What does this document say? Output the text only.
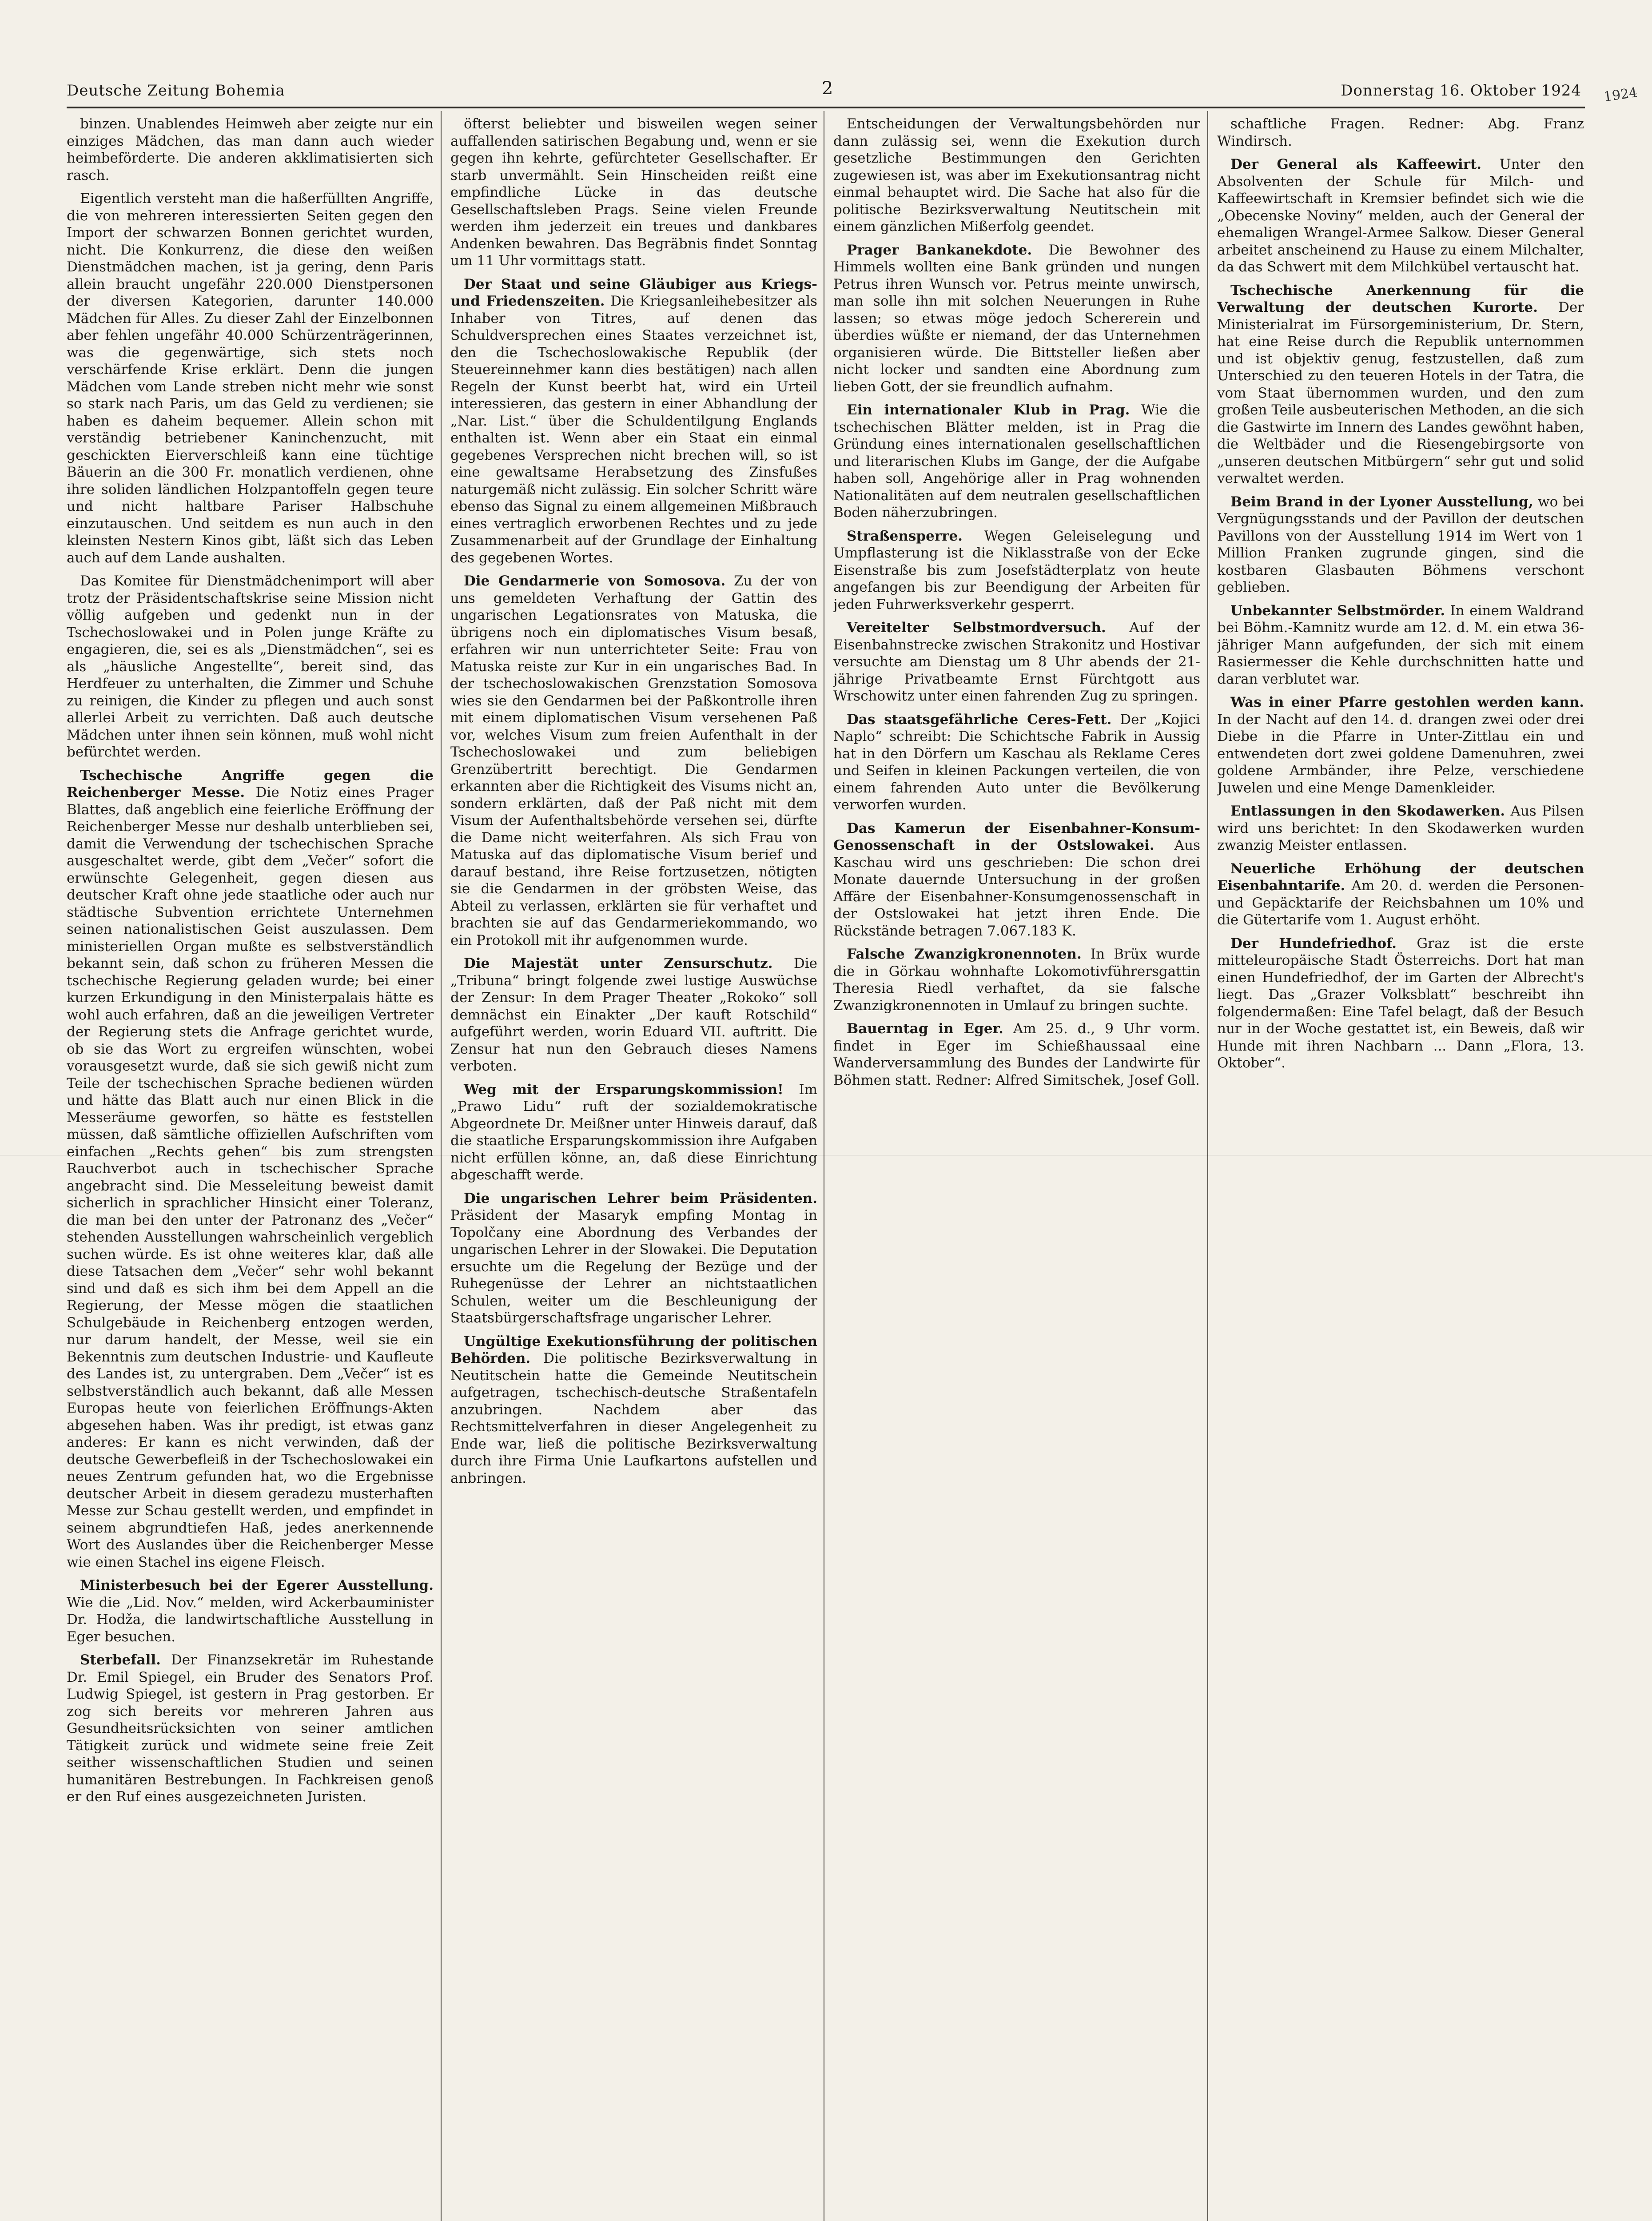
Deutsche Zeitung Bohemia	2	Donnerstag 16. Oktober 1924 1924

binzen. Unablendes Heimweh aber zeigte nur ein einziges Mädchen, das man dann auch wieder heimbeförderte. Die anderen akklimatisierten sich rasch.

Eigentlich versteht man die haßerfüllten Angriffe, die von mehreren interessierten Seiten gegen den Import der schwarzen Bonnen gerichtet wurden, nicht. Die Konkurrenz, die diese den weißen Dienstmädchen machen, ist ja gering, denn Paris allein braucht ungefähr 220.000 Dienstpersonen der diversen Kategorien, darunter 140.000 Mädchen für Alles. Zu dieser Zahl der Einzelbonnen aber fehlen ungefähr 40.000 Schürzenträgerinnen, was die gegenwärtige, sich stets noch verschärfende Krise erklärt. Denn die jungen Mädchen vom Lande streben nicht mehr wie sonst so stark nach Paris, um das Geld zu verdienen; sie haben es daheim bequemer. Allein schon mit verständig betriebener Kaninchenzucht, mit geschickten Eierverschleiß kann eine tüchtige Bäuerin an die 300 Fr. monatlich verdienen, ohne ihre soliden ländlichen Holzpantoffeln gegen teure und nicht haltbare Pariser Halbschuhe einzutauschen. Und seitdem es nun auch in den kleinsten Nestern Kinos gibt, läßt sich das Leben auch auf dem Lande aushalten.

Das Komitee für Dienstmädchenimport will aber trotz der Präsidentschaftskrise seine Mission nicht völlig aufgeben und gedenkt nun in der Tschechoslowakei und in Polen junge Kräfte zu engagieren, die, sei es als „Dienstmädchen“, sei es als „häusliche Angestellte“, bereit sind, das Herdfeuer zu unterhalten, die Zimmer und Schuhe zu reinigen, die Kinder zu pflegen und auch sonst allerlei Arbeit zu verrichten. Daß auch deutsche Mädchen unter ihnen sein können, muß wohl nicht befürchtet werden.

Tschechische Angriffe gegen die Reichenberger Messe. Die Notiz eines Prager Blattes, daß angeblich eine feierliche Eröffnung der Reichenberger Messe nur deshalb unterblieben sei, damit die Verwendung der tschechischen Sprache ausgeschaltet werde, gibt dem „Večer“ sofort die erwünschte Gelegenheit, gegen diesen aus deutscher Kraft ohne jede staatliche oder auch nur städtische Subvention errichtete Unternehmen seinen nationalistischen Geist auszulassen. Dem ministeriellen Organ mußte es selbstverständlich bekannt sein, daß schon zu früheren Messen die tschechische Regierung geladen wurde; bei einer kurzen Erkundigung in den Ministerpalais hätte es wohl auch erfahren, daß an die jeweiligen Vertreter der Regierung stets die Anfrage gerichtet wurde, ob sie das Wort zu ergreifen wünschten, wobei vorausgesetzt wurde, daß sie sich gewiß nicht zum Teile der tschechischen Sprache bedienen würden und hätte das Blatt auch nur einen Blick in die Messeräume geworfen, so hätte es feststellen müssen, daß sämtliche offiziellen Aufschriften vom einfachen „Rechts gehen“ bis zum strengsten Rauchverbot auch in tschechischer Sprache angebracht sind. Die Messeleitung beweist damit sicherlich in sprachlicher Hinsicht einer Toleranz, die man bei den unter der Patronanz des „Večer“ stehenden Ausstellungen wahrscheinlich vergeblich suchen würde. Es ist ohne weiteres klar, daß alle diese Tatsachen dem „Večer“ sehr wohl bekannt sind und daß es sich ihm bei dem Appell an die Regierung, der Messe mögen die staatlichen Schulgebäude in Reichenberg entzogen werden, nur darum handelt, der Messe, weil sie ein Bekenntnis zum deutschen Industrie- und Kaufleute des Landes ist, zu untergraben. Dem „Večer“ ist es selbstverständlich auch bekannt, daß alle Messen Europas heute von feierlichen Eröffnungs-Akten abgesehen haben. Was ihr predigt, ist etwas ganz anderes: Er kann es nicht verwinden, daß der deutsche Gewerbefleiß in der Tschechoslowakei ein neues Zentrum gefunden hat, wo die Ergebnisse deutscher Arbeit in diesem geradezu musterhaften Messe zur Schau gestellt werden, und empfindet in seinem abgrundtiefen Haß, jedes anerkennende Wort des Auslandes über die Reichenberger Messe wie einen Stachel ins eigene Fleisch.

Ministerbesuch bei der Egerer Ausstellung. Wie die „Lid. Nov.“ melden, wird Ackerbauminister Dr. Hodža, die landwirtschaftliche Ausstellung in Eger besuchen.

Sterbefall. Der Finanzsekretär im Ruhestande Dr. Emil Spiegel, ein Bruder des Senators Prof. Ludwig Spiegel, ist gestern in Prag gestorben. Er zog sich bereits vor mehreren Jahren aus Gesundheitsrücksichten von seiner amtlichen Tätigkeit zurück und widmete seine freie Zeit seither wissenschaftlichen Studien und seinen humanitären Bestrebungen. In Fachkreisen genoß er den Ruf eines ausgezeichneten Juristen.

öfterst beliebter und bisweilen wegen seiner auffallenden satirischen Begabung und, wenn er sie gegen ihn kehrte, gefürchteter Gesellschafter. Er starb unvermählt. Sein Hinscheiden reißt eine empfindliche Lücke in das deutsche Gesellschaftsleben Prags. Seine vielen Freunde werden ihm jederzeit ein treues und dankbares Andenken bewahren. Das Begräbnis findet Sonntag um 11 Uhr vormittags statt.

Der Staat und seine Gläubiger aus Kriegs- und Friedenszeiten. Die Kriegsanleihebesitzer als Inhaber von Titres, auf denen das Schuldversprechen eines Staates verzeichnet ist, den die Tschechoslowakische Republik (der Steuereinnehmer kann dies bestätigen) nach allen Regeln der Kunst beerbt hat, wird ein Urteil interessieren, das gestern in einer Abhandlung der „Nar. List.“ über die Schuldentilgung Englands enthalten ist. Wenn aber ein Staat ein einmal gegebenes Versprechen nicht brechen will, so ist eine gewaltsame Herabsetzung des Zinsfußes naturgemäß nicht zulässig. Ein solcher Schritt wäre ebenso das Signal zu einem allgemeinen Mißbrauch eines vertraglich erworbenen Rechtes und zu jede Zusammenarbeit auf der Grundlage der Einhaltung des gegebenen Wortes.

Die Gendarmerie von Somosova. Zu der von uns gemeldeten Verhaftung der Gattin des ungarischen Legationsrates von Matuska, die übrigens noch ein diplomatisches Visum besaß, erfahren wir nun unterrichteter Seite: Frau von Matuska reiste zur Kur in ein ungarisches Bad. In der tschechoslowakischen Grenzstation Somosova wies sie den Gendarmen bei der Paßkontrolle ihren mit einem diplomatischen Visum versehenen Paß vor, welches Visum zum freien Aufenthalt in der Tschechoslowakei und zum beliebigen Grenzübertritt berechtigt. Die Gendarmen erkannten aber die Richtigkeit des Visums nicht an, sondern erklärten, daß der Paß nicht mit dem Visum der Aufenthaltsbehörde versehen sei, dürfte die Dame nicht weiterfahren. Als sich Frau von Matuska auf das diplomatische Visum berief und darauf bestand, ihre Reise fortzusetzen, nötigten sie die Gendarmen in der gröbsten Weise, das Abteil zu verlassen, erklärten sie für verhaftet und brachten sie auf das Gendarmeriekommando, wo ein Protokoll mit ihr aufgenommen wurde.

Die Majestät unter Zensurschutz. Die „Tribuna“ bringt folgende zwei lustige Auswüchse der Zensur: In dem Prager Theater „Rokoko“ soll demnächst ein Einakter „Der kauft Rotschild“ aufgeführt werden, worin Eduard VII. auftritt. Die Zensur hat nun den Gebrauch dieses Namens verboten.

Weg mit der Ersparungskommission! Im „Prawo Lidu“ ruft der sozialdemokratische Abgeordnete Dr. Meißner unter Hinweis darauf, daß die staatliche Ersparungskommission ihre Aufgaben nicht erfüllen könne, an, daß diese Einrichtung abgeschafft werde.

Die ungarischen Lehrer beim Präsidenten. Präsident der Masaryk empfing Montag in Topolčany eine Abordnung des Verbandes der ungarischen Lehrer in der Slowakei. Die Deputation ersuchte um die Regelung der Bezüge und der Ruhegenüsse der Lehrer an nichtstaatlichen Schulen, weiter um die Beschleunigung der Staatsbürgerschaftsfrage ungarischer Lehrer.

Ungültige Exekutionsführung der politischen Behörden. Die politische Bezirksverwaltung in Neutitschein hatte die Gemeinde Neutitschein aufgetragen, tschechisch-deutsche Straßentafeln anzubringen. Nachdem aber das Rechtsmittelverfahren in dieser Angelegenheit zu Ende war, ließ die politische Bezirksverwaltung durch ihre Firma Unie Laufkartons aufstellen und anbringen.

Entscheidungen der Verwaltungsbehörden nur dann zulässig sei, wenn die Exekution durch gesetzliche Bestimmungen den Gerichten zugewiesen ist, was aber im Exekutionsantrag nicht einmal behauptet wird. Die Sache hat also für die politische Bezirksverwaltung Neutitschein mit einem gänzlichen Mißerfolg geendet.

Prager Bankanekdote. Die Bewohner des Himmels wollten eine Bank gründen und nungen Petrus ihren Wunsch vor. Petrus meinte unwirsch, man solle ihn mit solchen Neuerungen in Ruhe lassen; so etwas möge jedoch Schererein und überdies wüßte er niemand, der das Unternehmen organisieren würde. Die Bittsteller ließen aber nicht locker und sandten eine Abordnung zum lieben Gott, der sie freundlich aufnahm.

Ein internationaler Klub in Prag. Wie die tschechischen Blätter melden, ist in Prag die Gründung eines internationalen gesellschaftlichen und literarischen Klubs im Gange, der die Aufgabe haben soll, Angehörige aller in Prag wohnenden Nationalitäten auf dem neutralen gesellschaftlichen Boden näherzubringen.

Straßensperre. Wegen Geleiselegung und Umpflasterung ist die Niklasstraße von der Ecke Eisenstraße bis zum Josefstädterplatz von heute angefangen bis zur Beendigung der Arbeiten für jeden Fuhrwerksverkehr gesperrt.

Vereitelter Selbstmordversuch. Auf der Eisenbahnstrecke zwischen Strakonitz und Hostivar versuchte am Dienstag um 8 Uhr abends der 21-jährige Privatbeamte Ernst Fürchtgott aus Wrschowitz unter einen fahrenden Zug zu springen.

Das staatsgefährliche Ceres-Fett. Der „Kojici Naplo“ schreibt: Die Schichtsche Fabrik in Aussig hat in den Dörfern um Kaschau als Reklame Ceres und Seifen in kleinen Packungen verteilen, die von einem fahrenden Auto unter die Bevölkerung verworfen wurden.

Das Kamerun der Eisenbahner-Konsum-Genossenschaft in der Ostslowakei. Aus Kaschau wird uns geschrieben: Die schon drei Monate dauernde Untersuchung in der großen Affäre der Eisenbahner-Konsumgenossenschaft in der Ostslowakei hat jetzt ihren Ende. Die Rückstände betragen 7.067.183 K.

Falsche Zwanzigkronennoten. In Brüx wurde die in Görkau wohnhafte Lokomotivführersgattin Theresia Riedl verhaftet, da sie falsche Zwanzigkronennoten in Umlauf zu bringen suchte.

Bauerntag in Eger. Am 25. d., 9 Uhr vorm. findet in Eger im Schießhaussaal eine Wanderversammlung des Bundes der Landwirte für Böhmen statt. Redner: Alfred Simitschek, Josef Goll.

schaftliche Fragen. Redner: Abg. Franz Windirsch.

Der General als Kaffeewirt. Unter den Absolventen der Schule für Milch- und Kaffeewirtschaft in Kremsier befindet sich wie die „Obecenske Noviny“ melden, auch der General der ehemaligen Wrangel-Armee Salkow. Dieser General arbeitet anscheinend zu Hause zu einem Milchalter, da das Schwert mit dem Milchkübel vertauscht hat.

Tschechische Anerkennung für die Verwaltung der deutschen Kurorte. Der Ministerialrat im Fürsorgeministerium, Dr. Stern, hat eine Reise durch die Republik unternommen und ist objektiv genug, festzustellen, daß zum Unterschied zu den teueren Hotels in der Tatra, die vom Staat übernommen wurden, und den zum großen Teile ausbeuterischen Methoden, an die sich die Gastwirte im Innern des Landes gewöhnt haben, die Weltbäder und die Riesengebirgsorte von „unseren deutschen Mitbürgern“ sehr gut und solid verwaltet werden.

Beim Brand in der Lyoner Ausstellung, wo bei Vergnügungsstands und der Pavillon der deutschen Pavillons von der Ausstellung 1914 im Wert von 1 Million Franken zugrunde gingen, sind die kostbaren Glasbauten Böhmens verschont geblieben.

Unbekannter Selbstmörder. In einem Waldrand bei Böhm.-Kamnitz wurde am 12. d. M. ein etwa 36-jähriger Mann aufgefunden, der sich mit einem Rasiermesser die Kehle durchschnitten hatte und daran verblutet war.

Was in einer Pfarre gestohlen werden kann. In der Nacht auf den 14. d. drangen zwei oder drei Diebe in die Pfarre in Unter-Zittlau ein und entwendeten dort zwei goldene Damenuhren, zwei goldene Armbänder, ihre Pelze, verschiedene Juwelen und eine Menge Damenkleider.

Entlassungen in den Skodawerken. Aus Pilsen wird uns berichtet: In den Skodawerken wurden zwanzig Meister entlassen.

Neuerliche Erhöhung der deutschen Eisenbahntarife. Am 20. d. werden die Personen- und Gepäcktarife der Reichsbahnen um 10% und die Gütertarife vom 1. August erhöht.

Der Hundefriedhof. Graz ist die erste mitteleuropäische Stadt Österreichs. Dort hat man einen Hundefriedhof, der im Garten der Albrecht's liegt. Das „Grazer Volksblatt“ beschreibt ihn folgendermaßen: Eine Tafel belagt, daß der Besuch nur in der Woche gestattet ist, ein Beweis, daß wir Hunde mit ihren Nachbarn ... Dann „Flora, 13. Oktober“.
